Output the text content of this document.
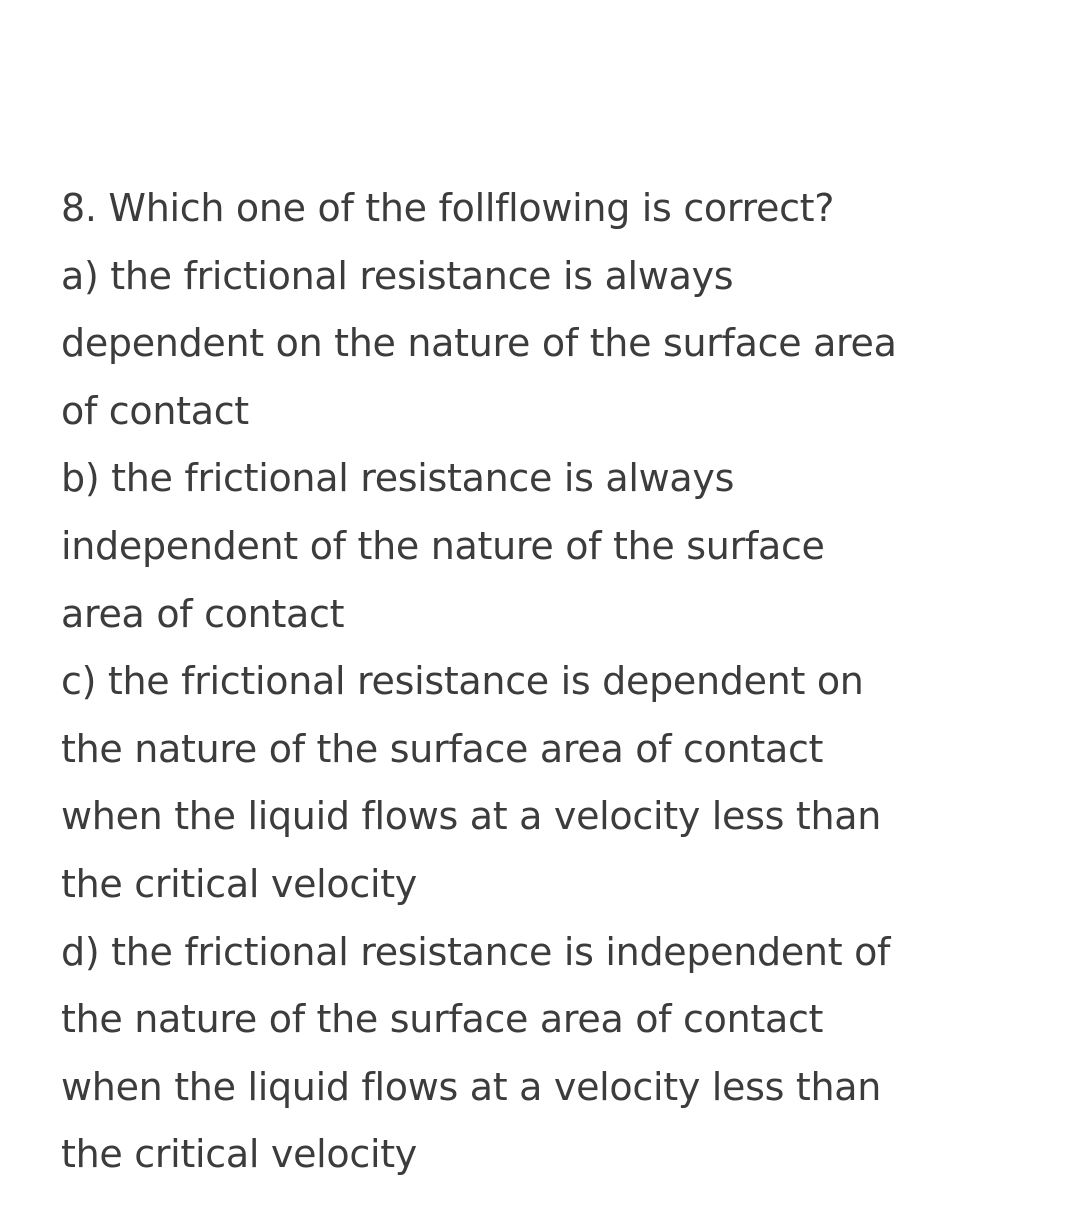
8. Which one of the follflowing is correct?
a) the frictional resistance is always
dependent on the nature of the surface area
of contact
b) the frictional resistance is always
independent of the nature of the surface
area of contact
c) the frictional resistance is dependent on
the nature of the surface area of contact
when the liquid flows at a velocity less than
the critical velocity
d) the frictional resistance is independent of
the nature of the surface area of contact
when the liquid flows at a velocity less than
the critical velocity
